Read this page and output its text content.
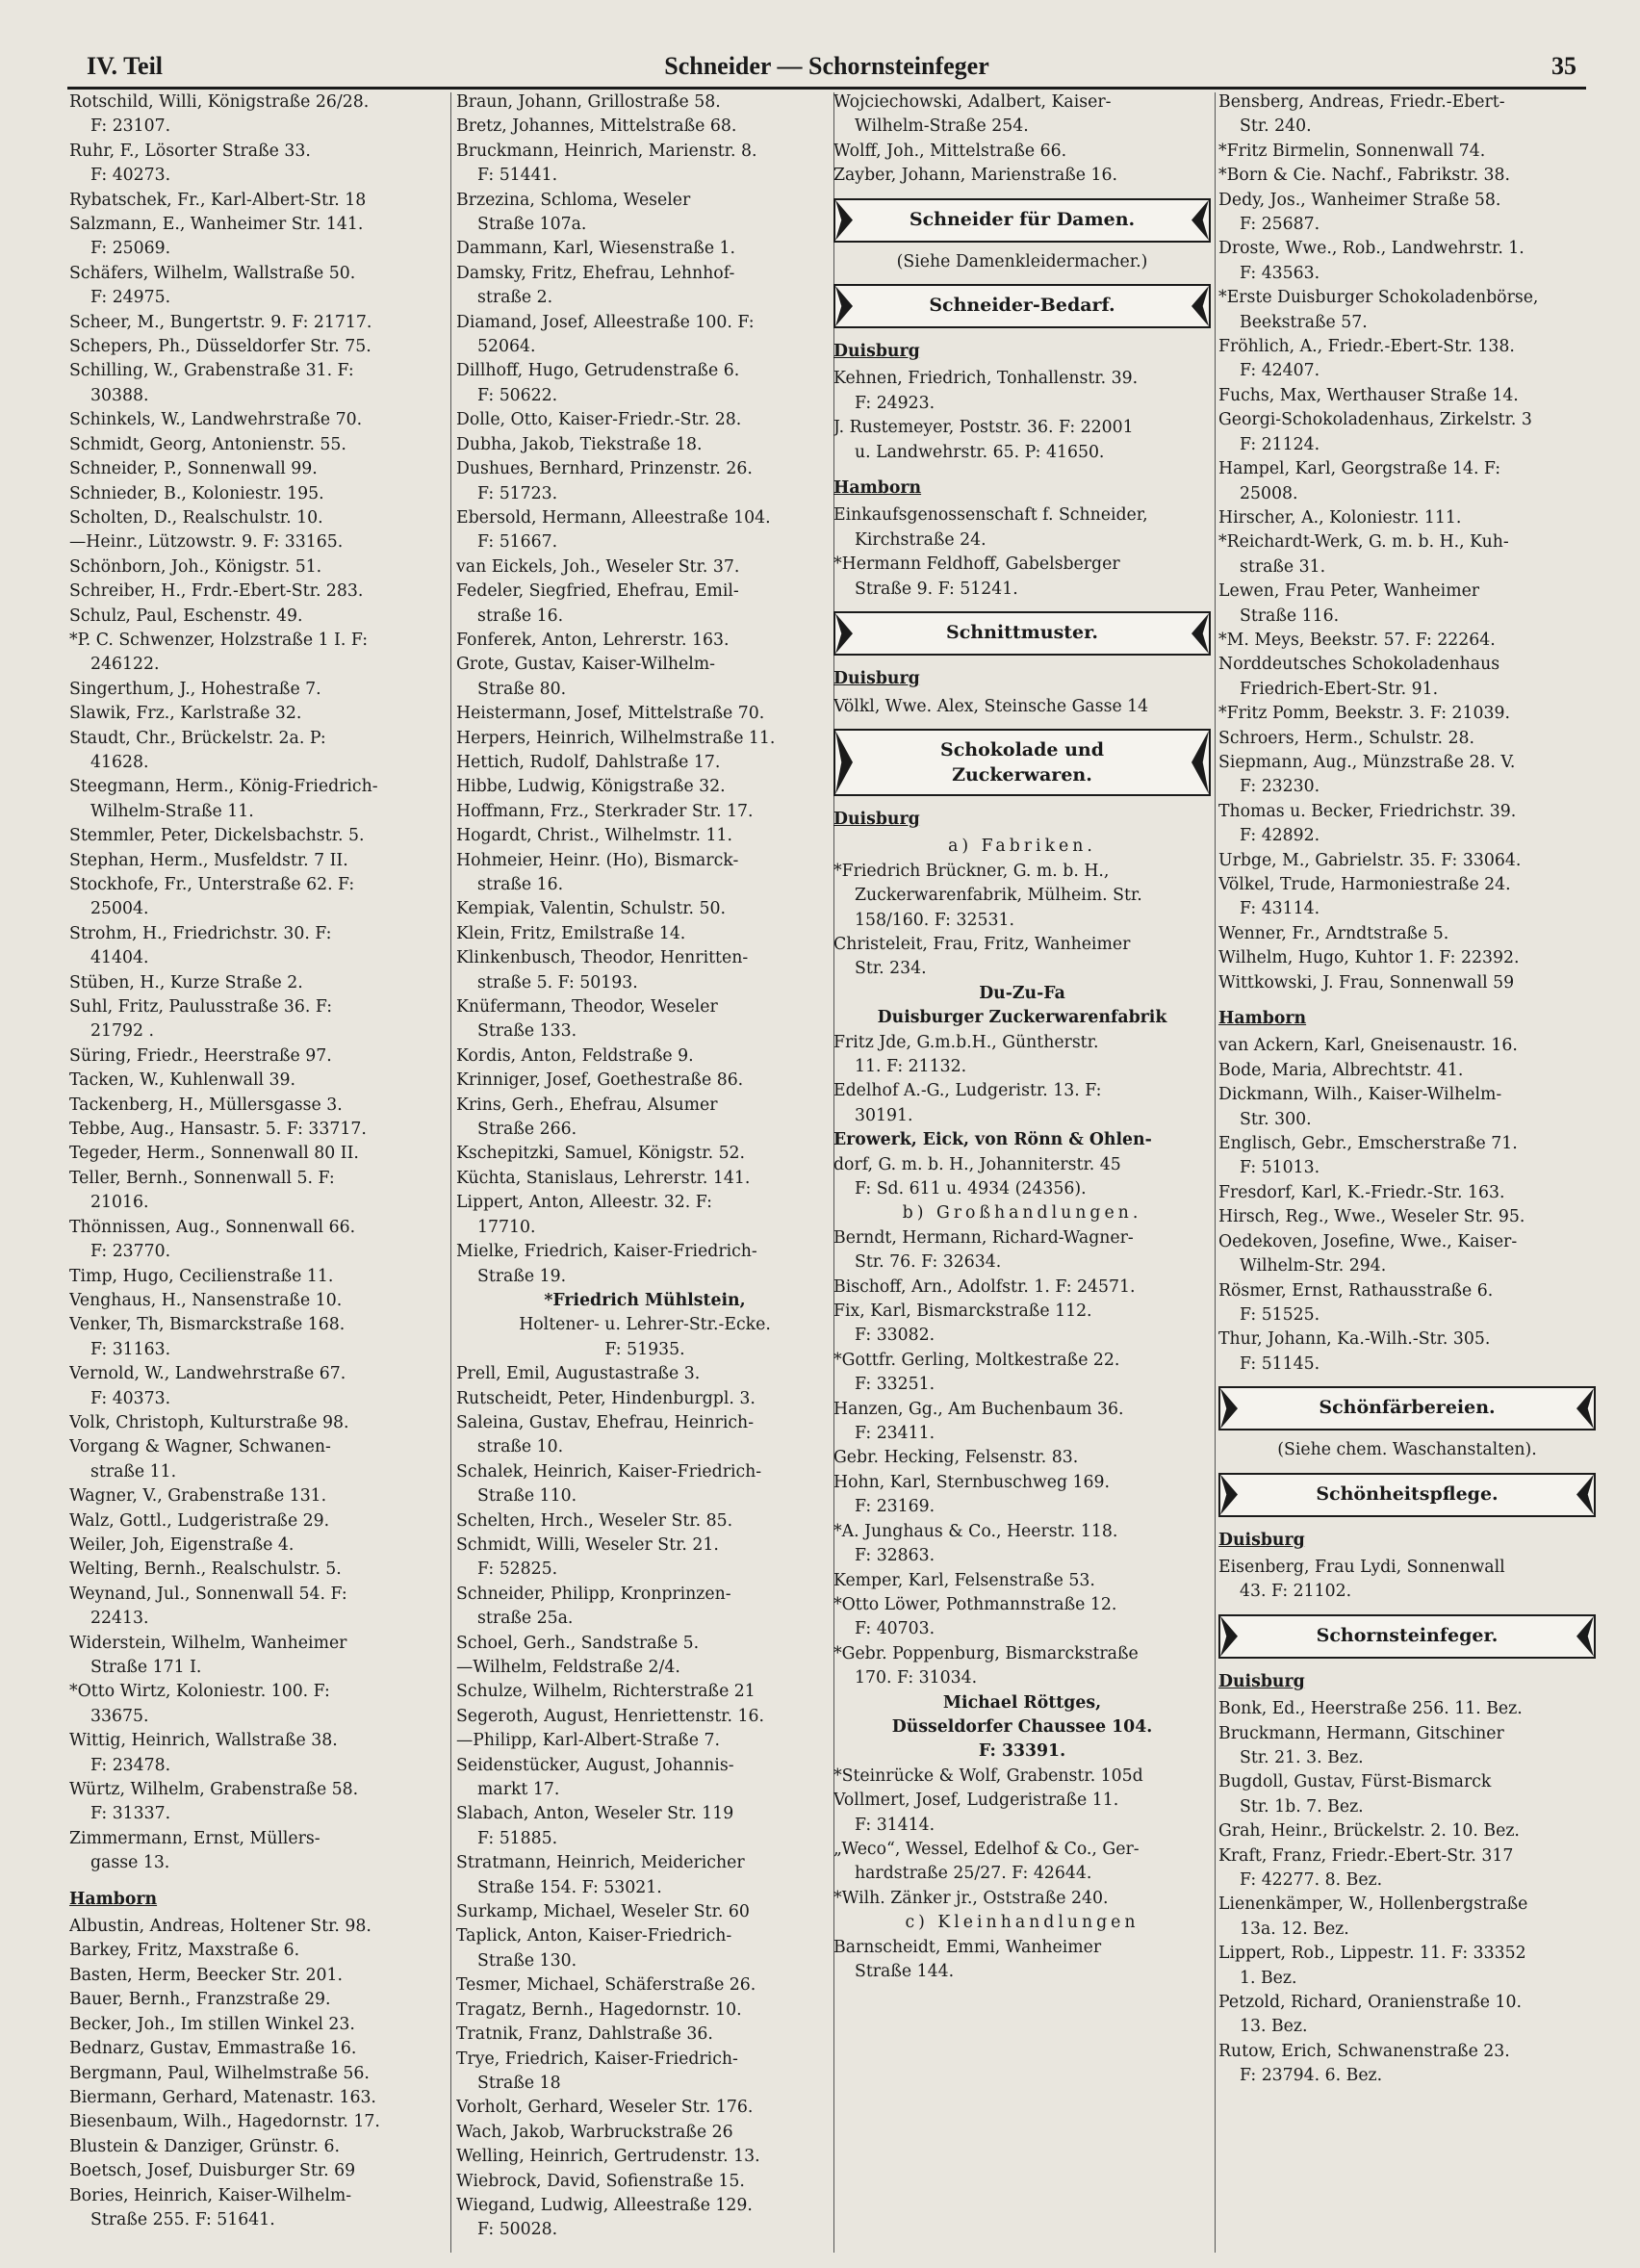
IV. Teil	Schneider — Schornsteinfeger	35
Rotschild, Willi, Königstraße 26/28.
F: 23107.
Ruhr, F., Lösorter Straße 33.
F: 40273.
Rybatschek, Fr., Karl-Albert-Str. 18
Salzmann, E., Wanheimer Str. 141.
F: 25069.
Schäfers, Wilhelm, Wallstraße 50.
F: 24975.
Scheer, M., Bungertstr. 9. F: 21717.
Schepers, Ph., Düsseldorfer Str. 75.
Schilling, W., Grabenstraße 31. F:
30388.
Schinkels, W., Landwehrstraße 70.
Schmidt, Georg, Antonienstr. 55.
Schneider, P., Sonnenwall 99.
Schnieder, B., Koloniestr. 195.
Scholten, D., Realschulstr. 10.
—Heinr., Lützowstr. 9. F: 33165.
Schönborn, Joh., Königstr. 51.
Schreiber, H., Frdr.-Ebert-Str. 283.
Schulz, Paul, Eschenstr. 49.
*P. C. Schwenzer, Holzstraße 1 I. F:
246122.
Singerthum, J., Hohestraße 7.
Slawik, Frz., Karlstraße 32.
Staudt, Chr., Brückelstr. 2a. P:
41628.
Steegmann, Herm., König-Friedrich-
Wilhelm-Straße 11.
Stemmler, Peter, Dickelsbachstr. 5.
Stephan, Herm., Musfeldstr. 7 II.
Stockhofe, Fr., Unterstraße 62. F:
25004.
Strohm, H., Friedrichstr. 30. F:
41404.
Stüben, H., Kurze Straße 2.
Suhl, Fritz, Paulusstraße 36. F:
21792 .
Süring, Friedr., Heerstraße 97.
Tacken, W., Kuhlenwall 39.
Tackenberg, H., Müllersgasse 3.
Tebbe, Aug., Hansastr. 5. F: 33717.
Tegeder, Herm., Sonnenwall 80 II.
Teller, Bernh., Sonnenwall 5. F:
21016.
Thönnissen, Aug., Sonnenwall 66.
F: 23770.
Timp, Hugo, Cecilienstraße 11.
Venghaus, H., Nansenstraße 10.
Venker, Th, Bismarckstraße 168.
F: 31163.
Vernold, W., Landwehrstraße 67.
F: 40373.
Volk, Christoph, Kulturstraße 98.
Vorgang & Wagner, Schwanen-
straße 11.
Wagner, V., Grabenstraße 131.
Walz, Gottl., Ludgeristraße 29.
Weiler, Joh, Eigenstraße 4.
Welting, Bernh., Realschulstr. 5.
Weynand, Jul., Sonnenwall 54. F:
22413.
Widerstein, Wilhelm, Wanheimer
Straße 171 I.
*Otto Wirtz, Koloniestr. 100. F:
33675.
Wittig, Heinrich, Wallstraße 38.
F: 23478.
Würtz, Wilhelm, Grabenstraße 58.
F: 31337.
Zimmermann, Ernst, Müllers-
gasse 13.
Hamborn
Albustin, Andreas, Holtener Str. 98.
Barkey, Fritz, Maxstraße 6.
Basten, Herm, Beecker Str. 201.
Bauer, Bernh., Franzstraße 29.
Becker, Joh., Im stillen Winkel 23.
Bednarz, Gustav, Emmastraße 16.
Bergmann, Paul, Wilhelmstraße 56.
Biermann, Gerhard, Matenastr. 163.
Biesenbaum, Wilh., Hagedornstr. 17.
Blustein & Danziger, Grünstr. 6.
Boetsch, Josef, Duisburger Str. 69
Bories, Heinrich, Kaiser-Wilhelm-
Straße 255. F: 51641.
Braun, Johann, Grillostraße 58.
Bretz, Johannes, Mittelstraße 68.
Bruckmann, Heinrich, Marienstr. 8.
F: 51441.
Brzezina, Schloma, Weseler
Straße 107a.
Dammann, Karl, Wiesenstraße 1.
Damsky, Fritz, Ehefrau, Lehnhof-
straße 2.
Diamand, Josef, Alleestraße 100. F:
52064.
Dillhoff, Hugo, Getrudenstraße 6.
F: 50622.
Dolle, Otto, Kaiser-Friedr.-Str. 28.
Dubha, Jakob, Tiekstraße 18.
Dushues, Bernhard, Prinzenstr. 26.
F: 51723.
Ebersold, Hermann, Alleestraße 104.
F: 51667.
van Eickels, Joh., Weseler Str. 37.
Fedeler, Siegfried, Ehefrau, Emil-
straße 16.
Fonferek, Anton, Lehrerstr. 163.
Grote, Gustav, Kaiser-Wilhelm-
Straße 80.
Heistermann, Josef, Mittelstraße 70.
Herpers, Heinrich, Wilhelmstraße 11.
Hettich, Rudolf, Dahlstraße 17.
Hibbe, Ludwig, Königstraße 32.
Hoffmann, Frz., Sterkrader Str. 17.
Hogardt, Christ., Wilhelmstr. 11.
Hohmeier, Heinr. (Ho), Bismarck-
straße 16.
Kempiak, Valentin, Schulstr. 50.
Klein, Fritz, Emilstraße 14.
Klinkenbusch, Theodor, Henritten-
straße 5. F: 50193.
Knüfermann, Theodor, Weseler
Straße 133.
Kordis, Anton, Feldstraße 9.
Krinniger, Josef, Goethestraße 86.
Krins, Gerh., Ehefrau, Alsumer
Straße 266.
Kschepitzki, Samuel, Königstr. 52.
Küchta, Stanislaus, Lehrerstr. 141.
Lippert, Anton, Alleestr. 32. F:
17710.
Mielke, Friedrich, Kaiser-Friedrich-
Straße 19.
*Friedrich Mühlstein,
Holtener- u. Lehrer-Str.-Ecke.
F: 51935.
Prell, Emil, Augustastraße 3.
Rutscheidt, Peter, Hindenburgpl. 3.
Saleina, Gustav, Ehefrau, Heinrich-
straße 10.
Schalek, Heinrich, Kaiser-Friedrich-
Straße 110.
Schelten, Hrch., Weseler Str. 85.
Schmidt, Willi, Weseler Str. 21.
F: 52825.
Schneider, Philipp, Kronprinzen-
straße 25a.
Schoel, Gerh., Sandstraße 5.
—Wilhelm, Feldstraße 2/4.
Schulze, Wilhelm, Richterstraße 21
Segeroth, August, Henriettenstr. 16.
—Philipp, Karl-Albert-Straße 7.
Seidenstücker, August, Johannis-
markt 17.
Slabach, Anton, Weseler Str. 119
F: 51885.
Stratmann, Heinrich, Meidericher
Straße 154. F: 53021.
Surkamp, Michael, Weseler Str. 60
Taplick, Anton, Kaiser-Friedrich-
Straße 130.
Tesmer, Michael, Schäferstraße 26.
Tragatz, Bernh., Hagedornstr. 10.
Tratnik, Franz, Dahlstraße 36.
Trye, Friedrich, Kaiser-Friedrich-
Straße 18
Vorholt, Gerhard, Weseler Str. 176.
Wach, Jakob, Warbruckstraße 26
Welling, Heinrich, Gertrudenstr. 13.
Wiebrock, David, Sofienstraße 15.
Wiegand, Ludwig, Alleestraße 129.
F: 50028.
Wojciechowski, Adalbert, Kaiser-
Wilhelm-Straße 254.
Wolff, Joh., Mittelstraße 66.
Zayber, Johann, Marienstraße 16.
Schneider für Damen.
(Siehe Damenkleidermacher.)
Schneider-Bedarf.
Duisburg
Kehnen, Friedrich, Tonhallenstr. 39.
F: 24923.
J. Rustemeyer, Poststr. 36. F: 22001
u. Landwehrstr. 65. P: 41650.
Hamborn
Einkaufsgenossenschaft f. Schneider,
Kirchstraße 24.
*Hermann Feldhoff, Gabelsberger
Straße 9. F: 51241.
Schnittmuster.
Duisburg
Völkl, Wwe. Alex, Steinsche Gasse 14
Schokolade und
Zuckerwaren.
Duisburg
a) Fabriken.
*Friedrich Brückner, G. m. b. H.,
Zuckerwarenfabrik, Mülheim. Str.
158/160. F: 32531.
Christeleit, Frau, Fritz, Wanheimer
Str. 234.
Du-Zu-Fa
Duisburger Zuckerwarenfabrik
Fritz Jde, G.m.b.H., Güntherstr.
11. F: 21132.
Edelhof A.-G., Ludgeristr. 13. F:
30191.
Erowerk, Eick, von Rönn & Ohlen-
dorf, G. m. b. H., Johanniterstr. 45
F: Sd. 611 u. 4934 (24356).
b) Großhandlungen.
Berndt, Hermann, Richard-Wagner-
Str. 76. F: 32634.
Bischoff, Arn., Adolfstr. 1. F: 24571.
Fix, Karl, Bismarckstraße 112.
F: 33082.
*Gottfr. Gerling, Moltkestraße 22.
F: 33251.
Hanzen, Gg., Am Buchenbaum 36.
F: 23411.
Gebr. Hecking, Felsenstr. 83.
Hohn, Karl, Sternbuschweg 169.
F: 23169.
*A. Junghaus & Co., Heerstr. 118.
F: 32863.
Kemper, Karl, Felsenstraße 53.
*Otto Löwer, Pothmannstraße 12.
F: 40703.
*Gebr. Poppenburg, Bismarckstraße
170. F: 31034.
Michael Röttges,
Düsseldorfer Chaussee 104.
F: 33391.
*Steinrücke & Wolf, Grabenstr. 105d
Vollmert, Josef, Ludgeristraße 11.
F: 31414.
„Weco“, Wessel, Edelhof & Co., Ger-
hardstraße 25/27. F: 42644.
*Wilh. Zänker jr., Oststraße 240.
c) Kleinhandlungen
Barnscheidt, Emmi, Wanheimer
Straße 144.
Bensberg, Andreas, Friedr.-Ebert-
Str. 240.
*Fritz Birmelin, Sonnenwall 74.
*Born & Cie. Nachf., Fabrikstr. 38.
Dedy, Jos., Wanheimer Straße 58.
F: 25687.
Droste, Wwe., Rob., Landwehrstr. 1.
F: 43563.
*Erste Duisburger Schokoladenbörse,
Beekstraße 57.
Fröhlich, A., Friedr.-Ebert-Str. 138.
F: 42407.
Fuchs, Max, Werthauser Straße 14.
Georgi-Schokoladenhaus, Zirkelstr. 3
F: 21124.
Hampel, Karl, Georgstraße 14. F:
25008.
Hirscher, A., Koloniestr. 111.
*Reichardt-Werk, G. m. b. H., Kuh-
straße 31.
Lewen, Frau Peter, Wanheimer
Straße 116.
*M. Meys, Beekstr. 57. F: 22264.
Norddeutsches Schokoladenhaus
Friedrich-Ebert-Str. 91.
*Fritz Pomm, Beekstr. 3. F: 21039.
Schroers, Herm., Schulstr. 28.
Siepmann, Aug., Münzstraße 28. V.
F: 23230.
Thomas u. Becker, Friedrichstr. 39.
F: 42892.
Urbge, M., Gabrielstr. 35. F: 33064.
Völkel, Trude, Harmoniestraße 24.
F: 43114.
Wenner, Fr., Arndtstraße 5.
Wilhelm, Hugo, Kuhtor 1. F: 22392.
Wittkowski, J. Frau, Sonnenwall 59
Hamborn
van Ackern, Karl, Gneisenaustr. 16.
Bode, Maria, Albrechtstr. 41.
Dickmann, Wilh., Kaiser-Wilhelm-
Str. 300.
Englisch, Gebr., Emscherstraße 71.
F: 51013.
Fresdorf, Karl, K.-Friedr.-Str. 163.
Hirsch, Reg., Wwe., Weseler Str. 95.
Oedekoven, Josefine, Wwe., Kaiser-
Wilhelm-Str. 294.
Rösmer, Ernst, Rathausstraße 6.
F: 51525.
Thur, Johann, Ka.-Wilh.-Str. 305.
F: 51145.
Schönfärbereien.
(Siehe chem. Waschanstalten).
Schönheitspflege.
Duisburg
Eisenberg, Frau Lydi, Sonnenwall
43. F: 21102.
Schornsteinfeger.
Duisburg
Bonk, Ed., Heerstraße 256. 11. Bez.
Bruckmann, Hermann, Gitschiner
Str. 21. 3. Bez.
Bugdoll, Gustav, Fürst-Bismarck
Str. 1b. 7. Bez.
Grah, Heinr., Brückelstr. 2. 10. Bez.
Kraft, Franz, Friedr.-Ebert-Str. 317
F: 42277. 8. Bez.
Lienenkämper, W., Hollenbergstraße
13a. 12. Bez.
Lippert, Rob., Lippestr. 11. F: 33352
1. Bez.
Petzold, Richard, Oranienstraße 10.
13. Bez.
Rutow, Erich, Schwanenstraße 23.
F: 23794. 6. Bez.
